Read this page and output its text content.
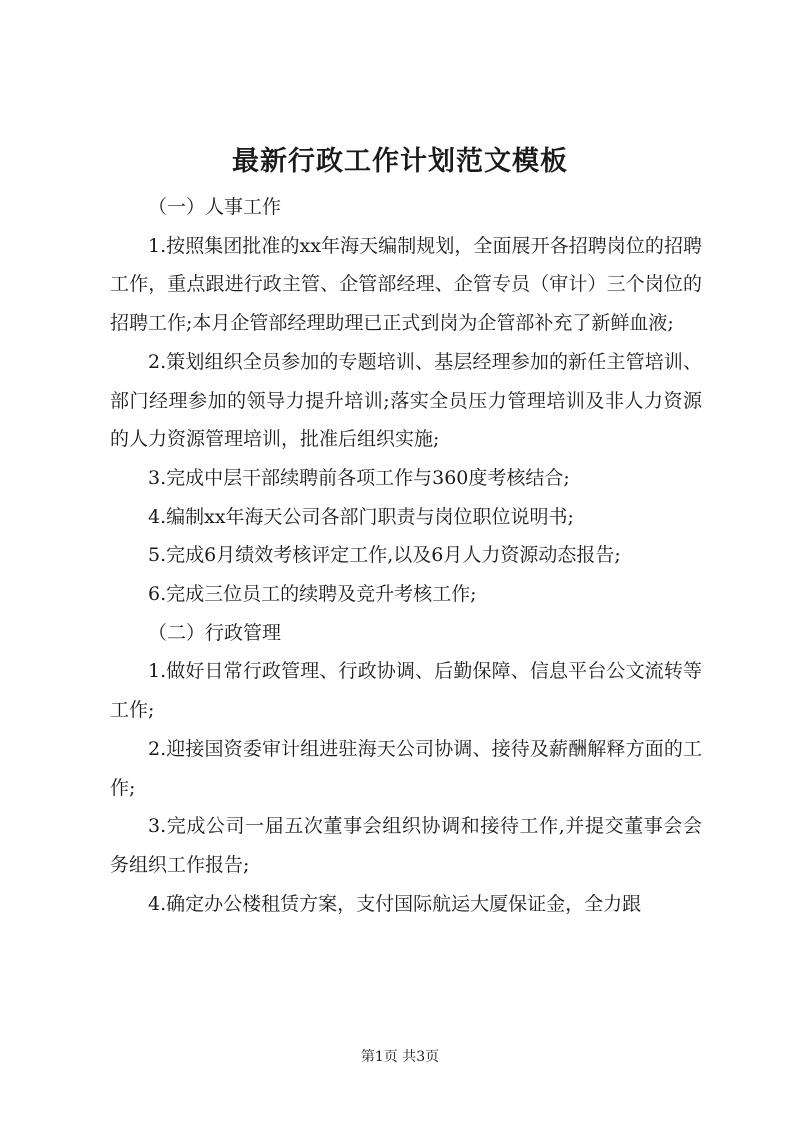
最新行政工作计划范文模板

（一）人事工作

1.按照集团批准的xx年海天编制规划，全面展开各招聘岗位的招聘工作，重点跟进行政主管、企管部经理、企管专员（审计）三个岗位的招聘工作;本月企管部经理助理已正式到岗为企管部补充了新鲜血液;

2.策划组织全员参加的专题培训、基层经理参加的新任主管培训、部门经理参加的领导力提升培训;落实全员压力管理培训及非人力资源的人力资源管理培训，批准后组织实施;

3.完成中层干部续聘前各项工作与360度考核结合;

4.编制xx年海天公司各部门职责与岗位职位说明书;

5.完成6月绩效考核评定工作,以及6月人力资源动态报告;

6.完成三位员工的续聘及竞升考核工作;

（二）行政管理

1.做好日常行政管理、行政协调、后勤保障、信息平台公文流转等工作;

2.迎接国资委审计组进驻海天公司协调、接待及薪酬解释方面的工作;

3.完成公司一届五次董事会组织协调和接待工作,并提交董事会会务组织工作报告;

4.确定办公楼租赁方案，支付国际航运大厦保证金，全力跟

第1页 共3页
